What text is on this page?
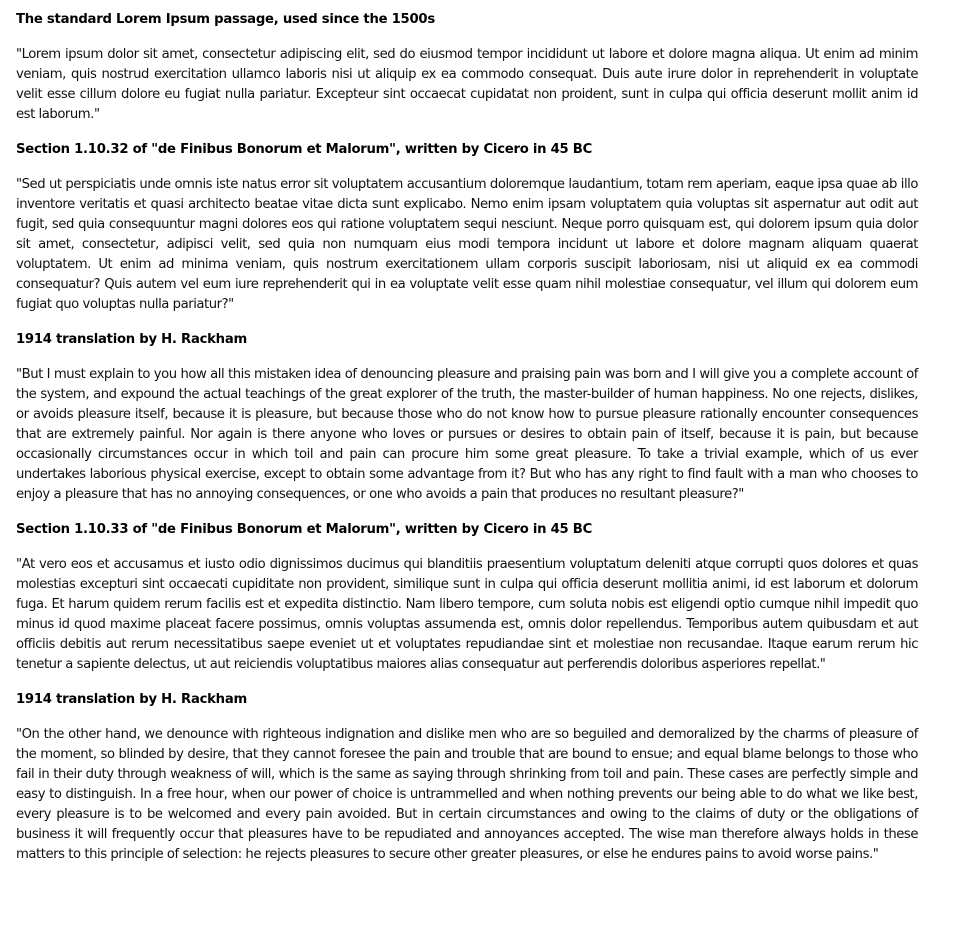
The standard Lorem Ipsum passage, used since the 1500s

"Lorem ipsum dolor sit amet, consectetur adipiscing elit, sed do eiusmod tempor incididunt ut labore et dolore magna aliqua. Ut enim ad minim veniam, quis nostrud exercitation ullamco laboris nisi ut aliquip ex ea commodo consequat. Duis aute irure dolor in reprehenderit in voluptate velit esse cillum dolore eu fugiat nulla pariatur. Excepteur sint occaecat cupidatat non proident, sunt in culpa qui officia deserunt mollit anim id est laborum."

Section 1.10.32 of "de Finibus Bonorum et Malorum", written by Cicero in 45 BC

"Sed ut perspiciatis unde omnis iste natus error sit voluptatem accusantium doloremque laudantium, totam rem aperiam, eaque ipsa quae ab illo inventore veritatis et quasi architecto beatae vitae dicta sunt explicabo. Nemo enim ipsam voluptatem quia voluptas sit aspernatur aut odit aut fugit, sed quia consequuntur magni dolores eos qui ratione voluptatem sequi nesciunt. Neque porro quisquam est, qui dolorem ipsum quia dolor sit amet, consectetur, adipisci velit, sed quia non numquam eius modi tempora incidunt ut labore et dolore magnam aliquam quaerat voluptatem. Ut enim ad minima veniam, quis nostrum exercitationem ullam corporis suscipit laboriosam, nisi ut aliquid ex ea commodi consequatur? Quis autem vel eum iure reprehenderit qui in ea voluptate velit esse quam nihil molestiae consequatur, vel illum qui dolorem eum fugiat quo voluptas nulla pariatur?"

1914 translation by H. Rackham

"But I must explain to you how all this mistaken idea of denouncing pleasure and praising pain was born and I will give you a complete account of the system, and expound the actual teachings of the great explorer of the truth, the master-builder of human happiness. No one rejects, dislikes, or avoids pleasure itself, because it is pleasure, but because those who do not know how to pursue pleasure rationally encounter consequences that are extremely painful. Nor again is there anyone who loves or pursues or desires to obtain pain of itself, because it is pain, but because occasionally circumstances occur in which toil and pain can procure him some great pleasure. To take a trivial example, which of us ever undertakes laborious physical exercise, except to obtain some advantage from it? But who has any right to find fault with a man who chooses to enjoy a pleasure that has no annoying consequences, or one who avoids a pain that produces no resultant pleasure?"

Section 1.10.33 of "de Finibus Bonorum et Malorum", written by Cicero in 45 BC

"At vero eos et accusamus et iusto odio dignissimos ducimus qui blanditiis praesentium voluptatum deleniti atque corrupti quos dolores et quas molestias excepturi sint occaecati cupiditate non provident, similique sunt in culpa qui officia deserunt mollitia animi, id est laborum et dolorum fuga. Et harum quidem rerum facilis est et expedita distinctio. Nam libero tempore, cum soluta nobis est eligendi optio cumque nihil impedit quo minus id quod maxime placeat facere possimus, omnis voluptas assumenda est, omnis dolor repellendus. Temporibus autem quibusdam et aut officiis debitis aut rerum necessitatibus saepe eveniet ut et voluptates repudiandae sint et molestiae non recusandae. Itaque earum rerum hic tenetur a sapiente delectus, ut aut reiciendis voluptatibus maiores alias consequatur aut perferendis doloribus asperiores repellat."

1914 translation by H. Rackham

"On the other hand, we denounce with righteous indignation and dislike men who are so beguiled and demoralized by the charms of pleasure of the moment, so blinded by desire, that they cannot foresee the pain and trouble that are bound to ensue; and equal blame belongs to those who fail in their duty through weakness of will, which is the same as saying through shrinking from toil and pain. These cases are perfectly simple and easy to distinguish. In a free hour, when our power of choice is untrammelled and when nothing prevents our being able to do what we like best, every pleasure is to be welcomed and every pain avoided. But in certain circumstances and owing to the claims of duty or the obligations of business it will frequently occur that pleasures have to be repudiated and annoyances accepted. The wise man therefore always holds in these matters to this principle of selection: he rejects pleasures to secure other greater pleasures, or else he endures pains to avoid worse pains."
